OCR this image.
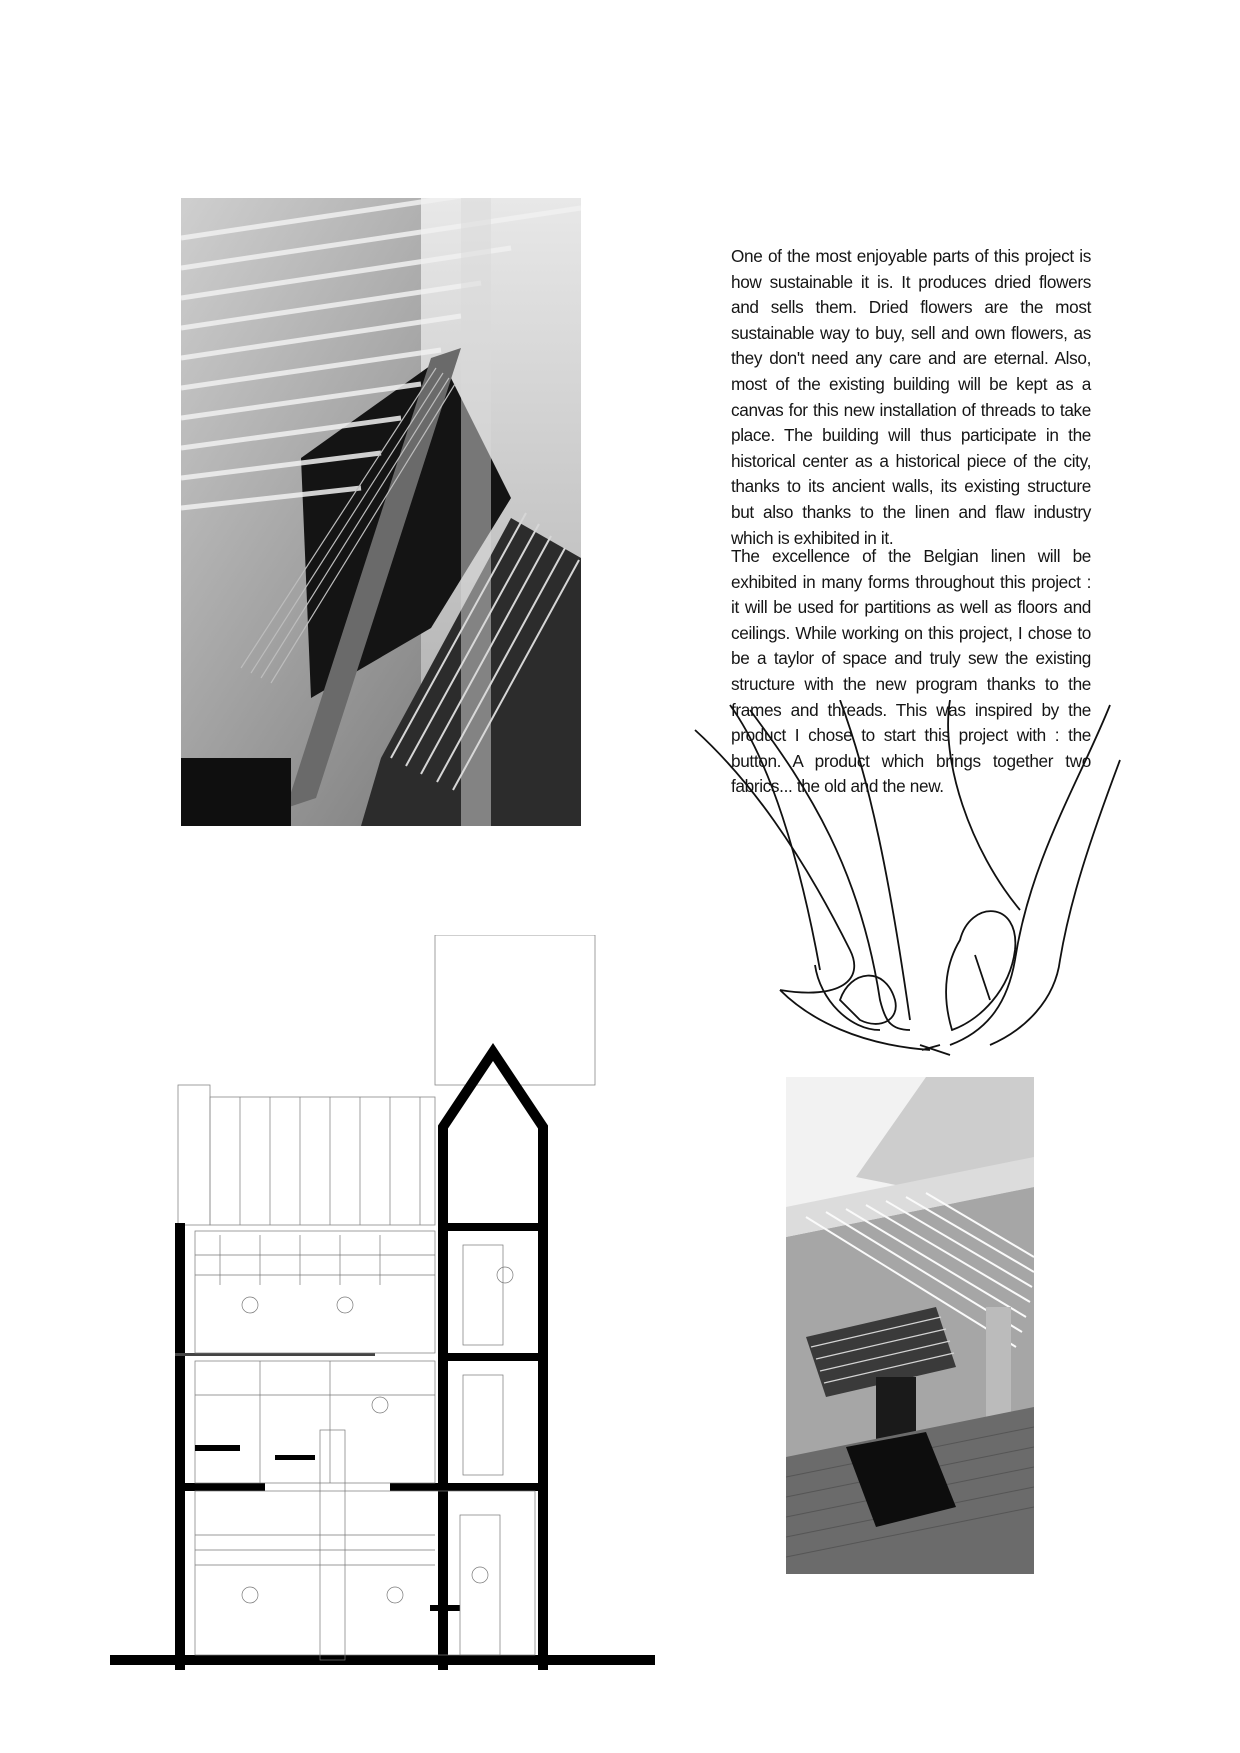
One of the most enjoyable parts of this project is how sustainable it is. It produces dried flowers and sells them. Dried flowers are the most sustainable way to buy, sell and own flowers, as they don't need any care and are eternal. Also, most of the existing building will be kept as a canvas for this new installation of threads to take place. The building will thus participate in the historical center as a historical piece of the city, thanks to its ancient walls, its existing structure but also thanks to the linen and flaw industry which is exhibited in it.

The excellence of the Belgian linen will be exhibited in many forms throughout this project : it will be used for partitions as well as floors and ceilings. While working on this project, I chose to be a taylor of space and truly sew the existing structure with the new program thanks to the frames and threads. This was inspired by the product I chose to start this project with : the button. A product which brings together two fabrics... the old and the new.
